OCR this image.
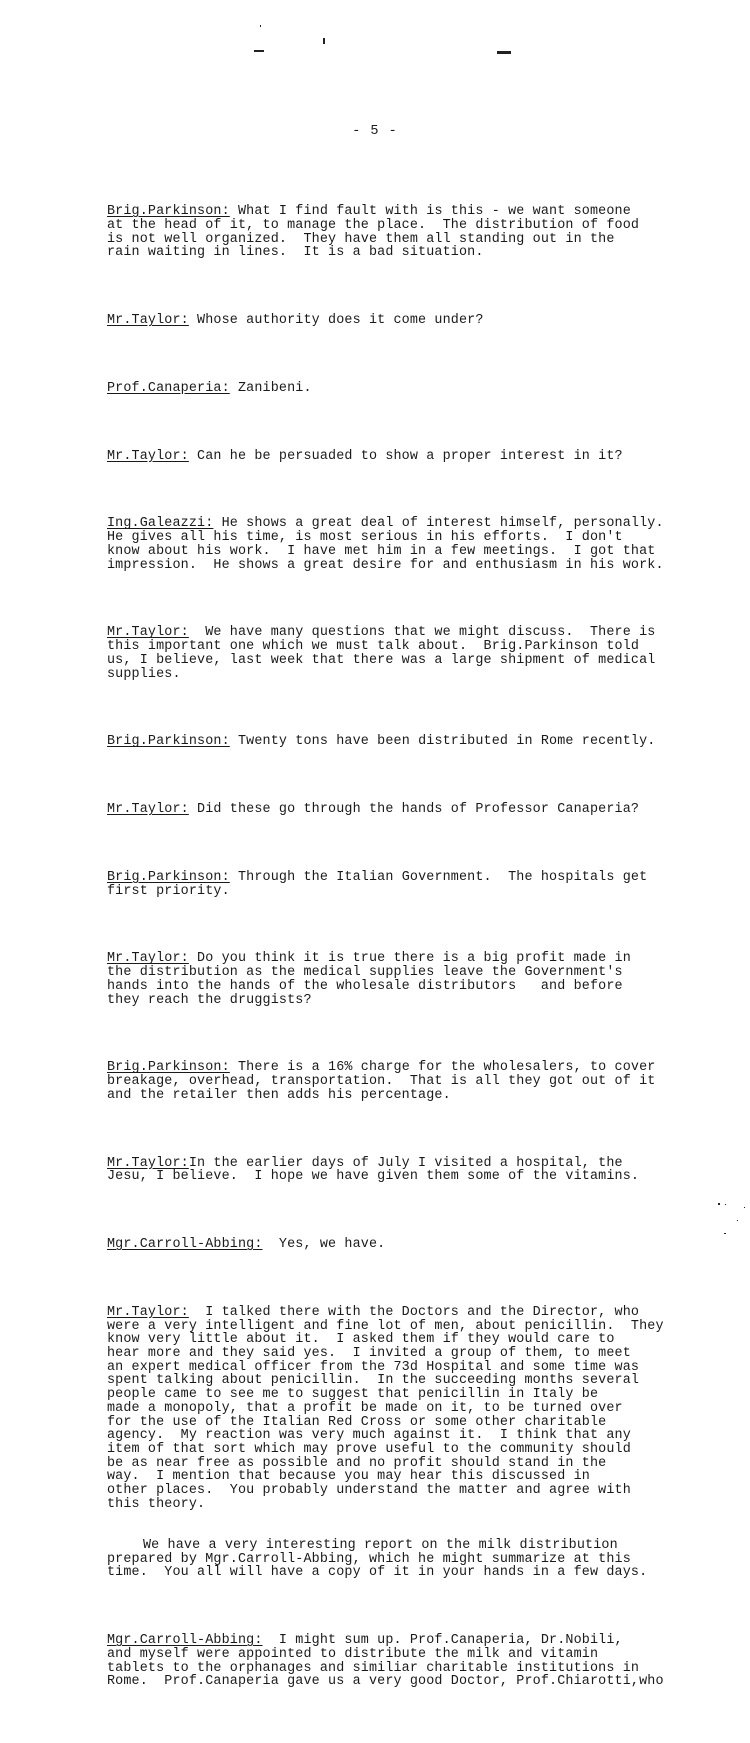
- 5 -

Brig.Parkinson: What I find fault with is this - we want someone
at the head of it, to manage the place.  The distribution of food
is not well organized.  They have them all standing out in the
rain waiting in lines.  It is a bad situation.

Mr.Taylor: Whose authority does it come under?

Prof.Canaperia: Zanibeni.

Mr.Taylor: Can he be persuaded to show a proper interest in it?

Ing.Galeazzi: He shows a great deal of interest himself, personally.
He gives all his time, is most serious in his efforts.  I don't
know about his work.  I have met him in a few meetings.  I got that
impression.  He shows a great desire for and enthusiasm in his work.

Mr.Taylor:  We have many questions that we might discuss.  There is
this important one which we must talk about.  Brig.Parkinson told
us, I believe, last week that there was a large shipment of medical
supplies.

Brig.Parkinson: Twenty tons have been distributed in Rome recently.

Mr.Taylor: Did these go through the hands of Professor Canaperia?

Brig.Parkinson: Through the Italian Government.  The hospitals get
first priority.

Mr.Taylor: Do you think it is true there is a big profit made in
the distribution as the medical supplies leave the Government's
hands into the hands of the wholesale distributors   and before
they reach the druggists?

Brig.Parkinson: There is a 16% charge for the wholesalers, to cover
breakage, overhead, transportation.  That is all they got out of it
and the retailer then adds his percentage.

Mr.Taylor:In the earlier days of July I visited a hospital, the
Jesu, I believe.  I hope we have given them some of the vitamins.

Mgr.Carroll-Abbing:  Yes, we have.

Mr.Taylor:  I talked there with the Doctors and the Director, who
were a very intelligent and fine lot of men, about penicillin.  They
know very little about it.  I asked them if they would care to
hear more and they said yes.  I invited a group of them, to meet
an expert medical officer from the 73d Hospital and some time was
spent talking about penicillin.  In the succeeding months several
people came to see me to suggest that penicillin in Italy be
made a monopoly, that a profit be made on it, to be turned over
for the use of the Italian Red Cross or some other charitable
agency.  My reaction was very much against it.  I think that any
item of that sort which may prove useful to the community should
be as near free as possible and no profit should stand in the
way.  I mention that because you may hear this discussed in
other places.  You probably understand the matter and agree with
this theory.

We have a very interesting report on the milk distribution
prepared by Mgr.Carroll-Abbing, which he might summarize at this
time.  You all will have a copy of it in your hands in a few days.

Mgr.Carroll-Abbing:  I might sum up. Prof.Canaperia, Dr.Nobili,
and myself were appointed to distribute the milk and vitamin
tablets to the orphanages and similiar charitable institutions in
Rome.  Prof.Canaperia gave us a very good Doctor, Prof.Chiarotti,who
